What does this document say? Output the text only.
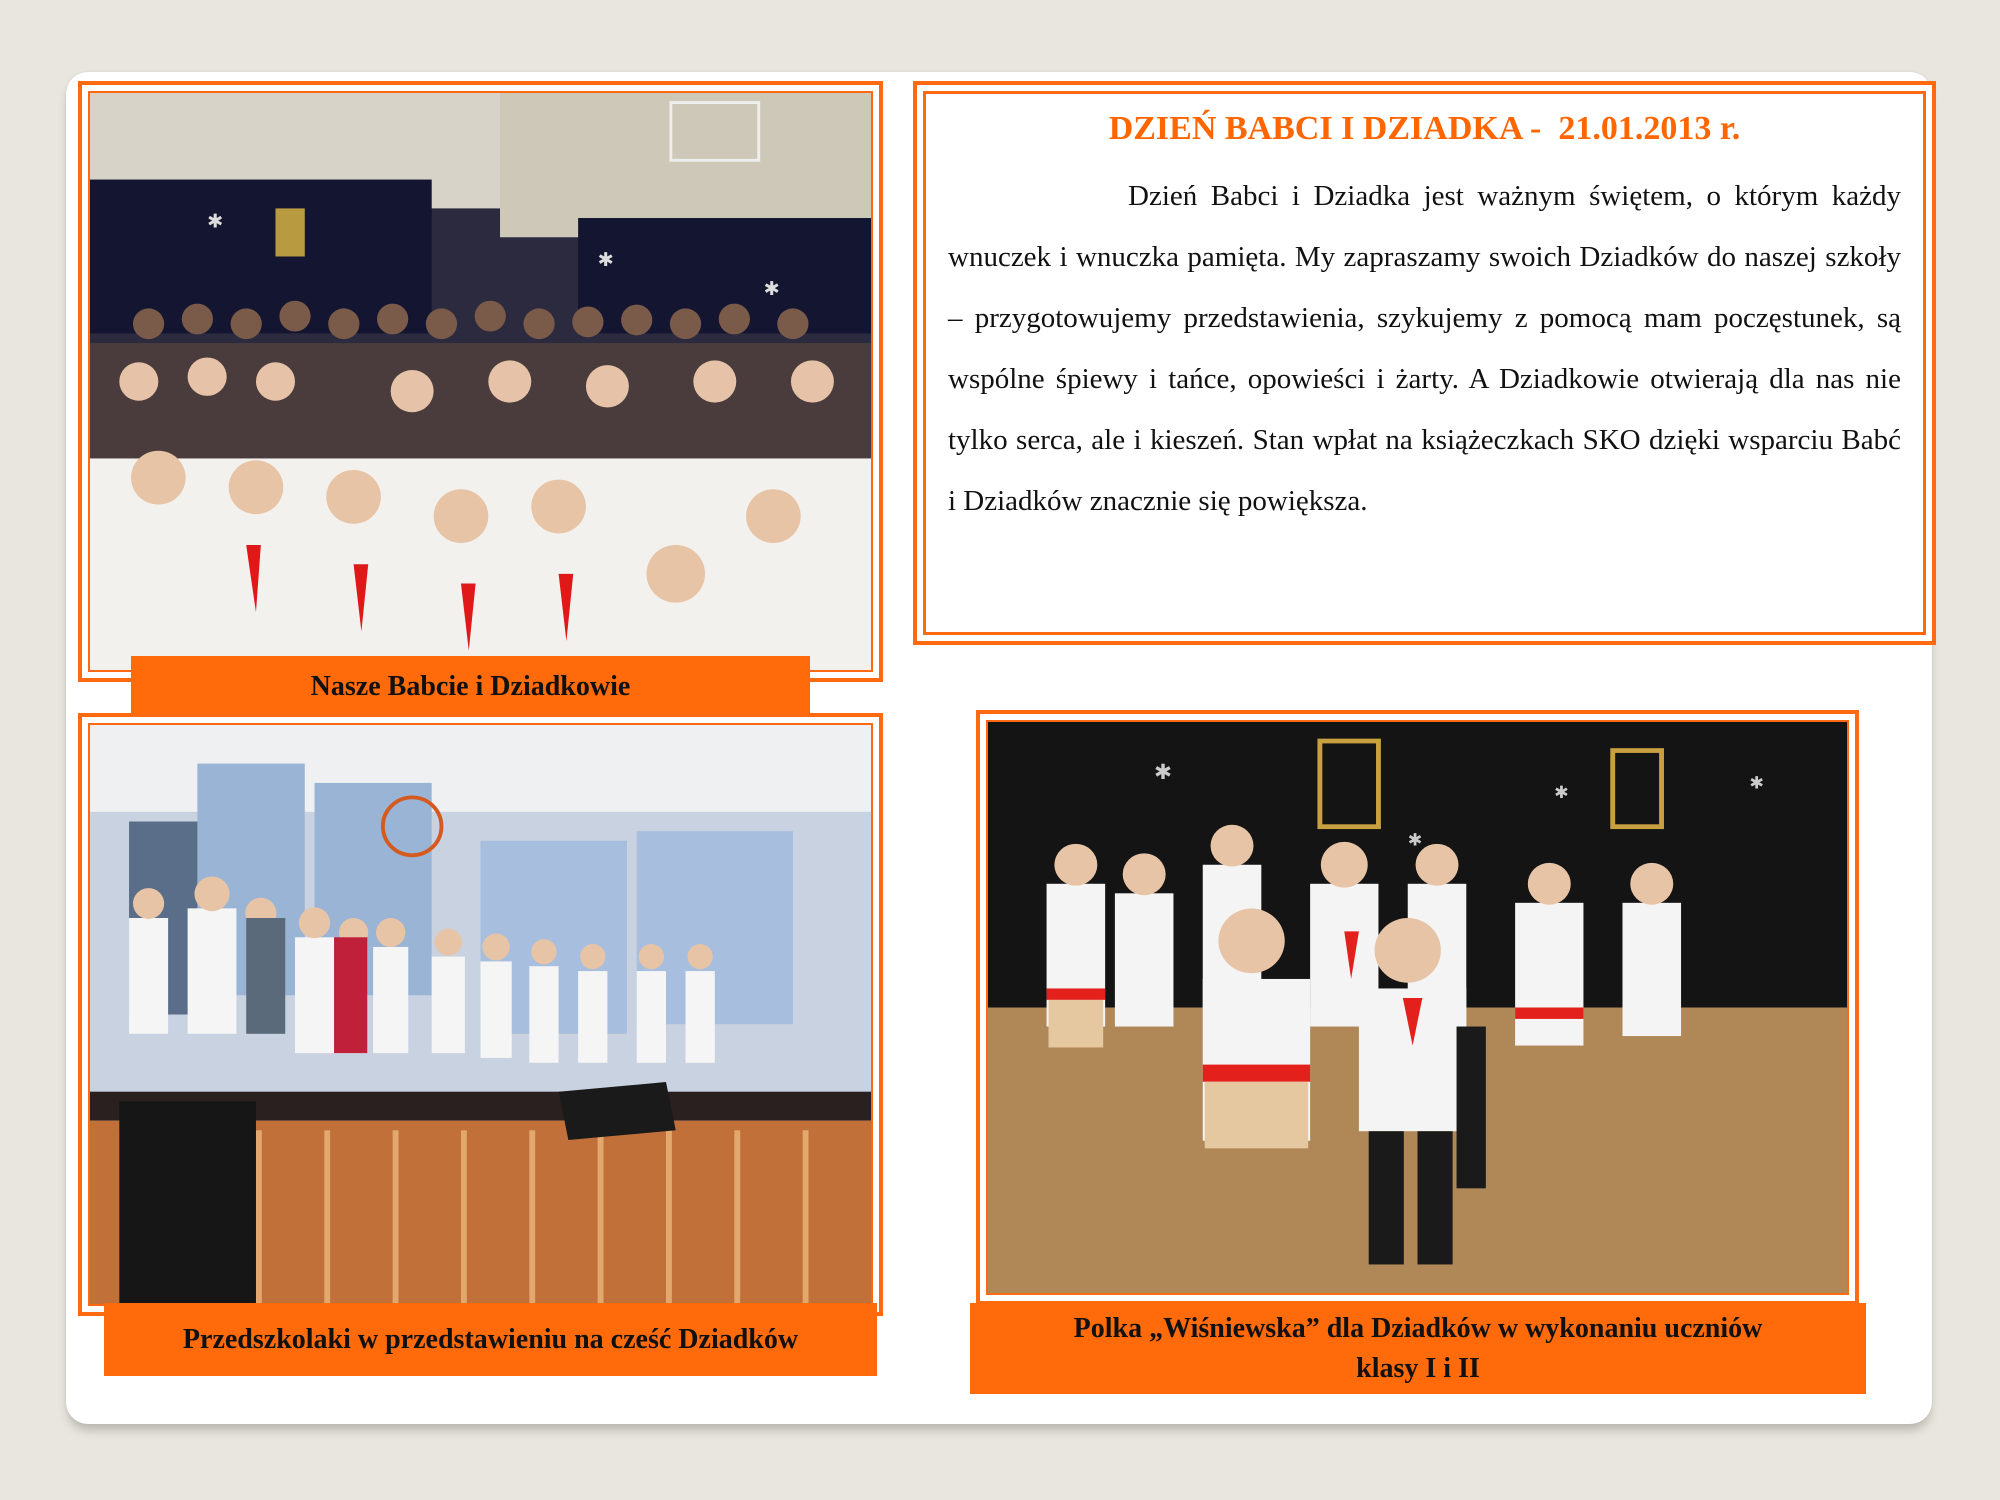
✱
✱
✱
Nasze Babcie i Dziadkowie
DZIEŃ BABCI I DZIADKA -  21.01.2013 r.

Dzień Babci i Dziadka jest ważnym świętem, o którym każdy wnuczek i wnuczka pamięta. My zapraszamy swoich Dziadków do naszej szkoły – przygotowujemy przedstawienia, szykujemy z pomocą mam poczęstunek, są wspólne śpiewy i tańce, opowieści i żarty. A Dziadkowie otwierają dla nas nie tylko serca, ale i kieszeń. Stan wpłat na książeczkach SKO dzięki wsparciu Babć i Dziadków znacznie się powiększa.

Przedszkolaki w przedstawieniu na cześć Dziadków
✱
✱
✱
✱
Polka „Wiśniewska” dla Dziadków w wykonaniu uczniów
klasy I i II
